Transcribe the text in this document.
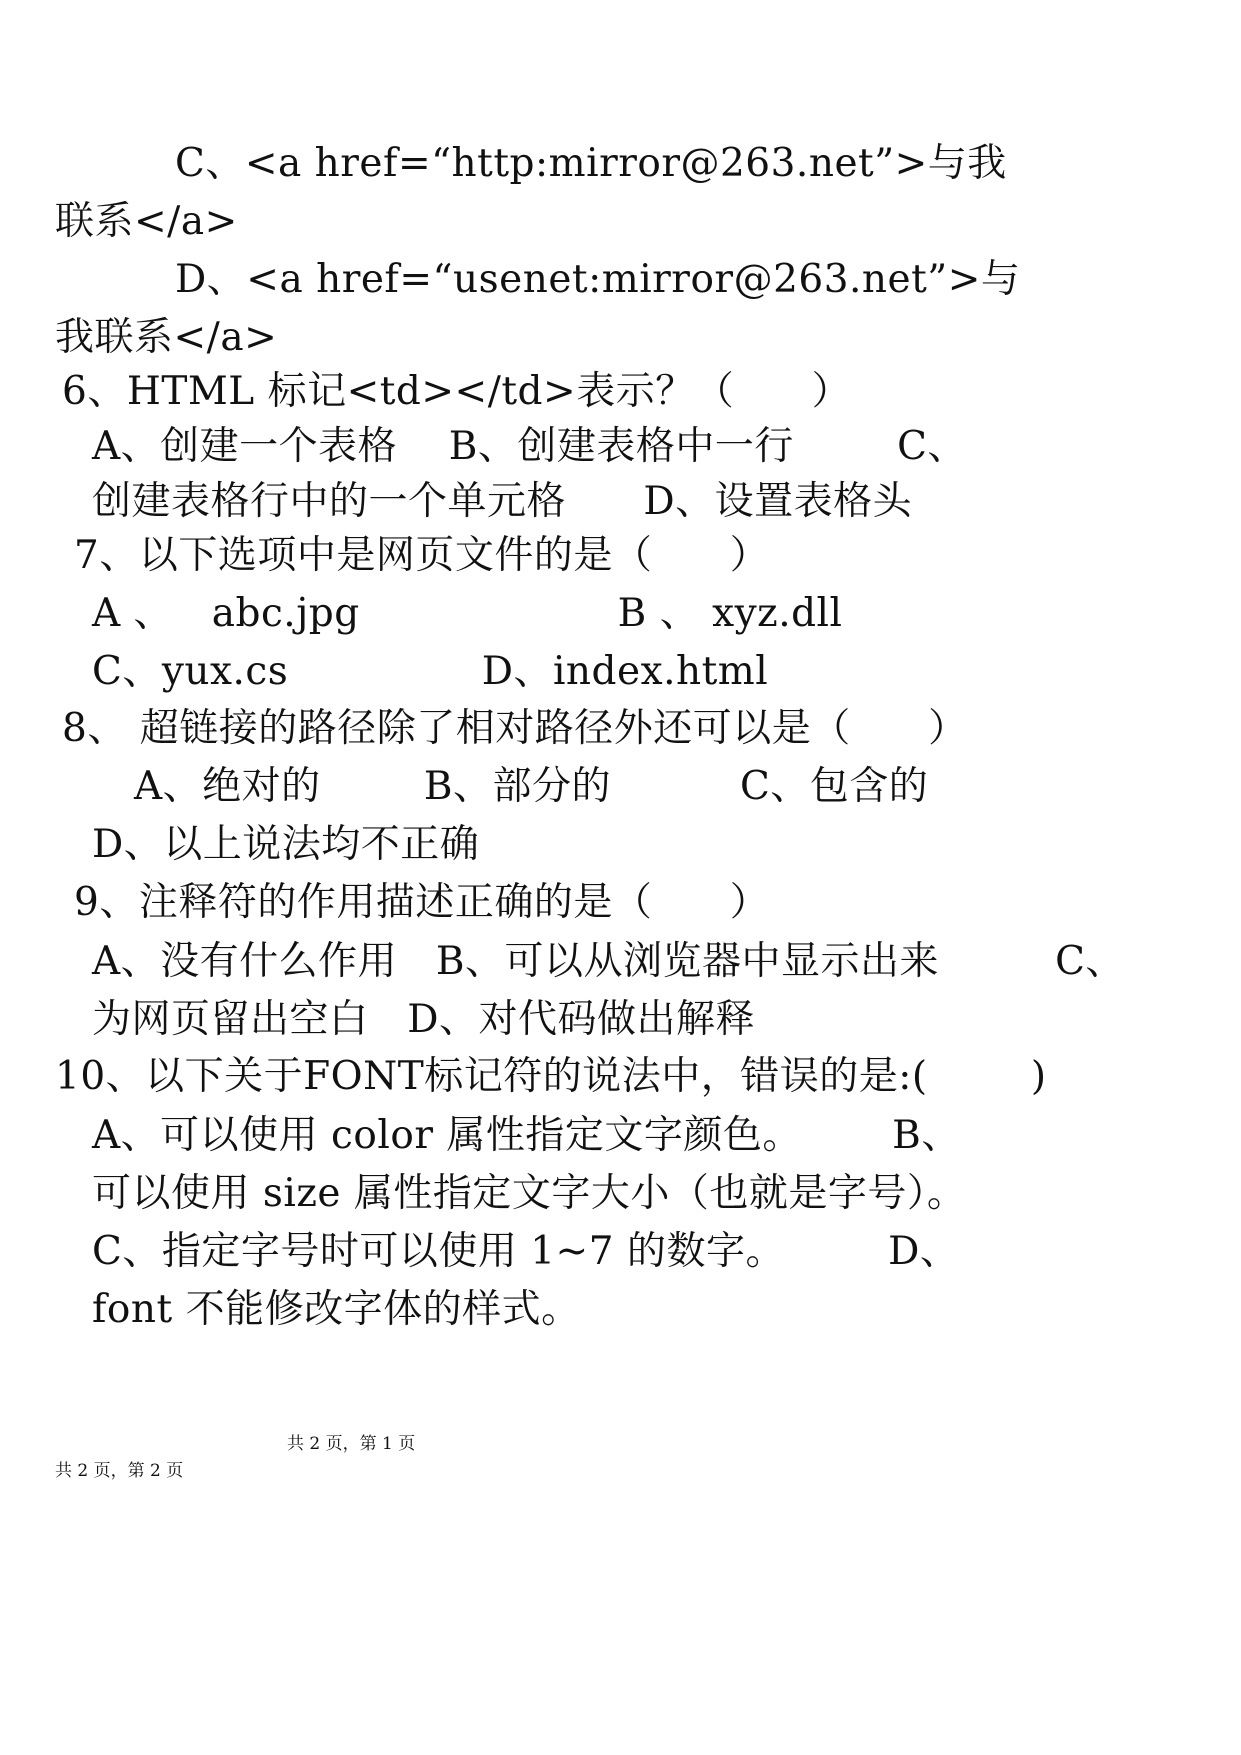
C、<a href=“http:mirror@263.net”>与我
联系</a>
D、<a href=“usenet:mirror@263.net”>与
我联系</a>
6、HTML 标记<td></td>表示？（      ）
A、创建一个表格    B、创建表格中一行        C、
创建表格行中的一个单元格      D、设置表格头
7、以下选项中是网页文件的是（      ）
A 、   abc.jpg                    B 、 xyz.dll
C、yux.cs               D、index.html
8、 超链接的路径除了相对路径外还可以是（      ）
A、绝对的        B、部分的          C、包含的
D、以上说法均不正确
9、注释符的作用描述正确的是（      ）
A、没有什么作用   B、可以从浏览器中显示出来         C、
为网页留出空白   D、对代码做出解释
10、以下关于FONT标记符的说法中，错误的是:(        )
A、可以使用 color 属性指定文字颜色。       B、
可以使用 size 属性指定文字大小（也就是字号）。
C、指定字号时可以使用 1~7 的数字。        D、
font 不能修改字体的样式。
共 2 页，第 1 页
共 2 页，第 2 页
